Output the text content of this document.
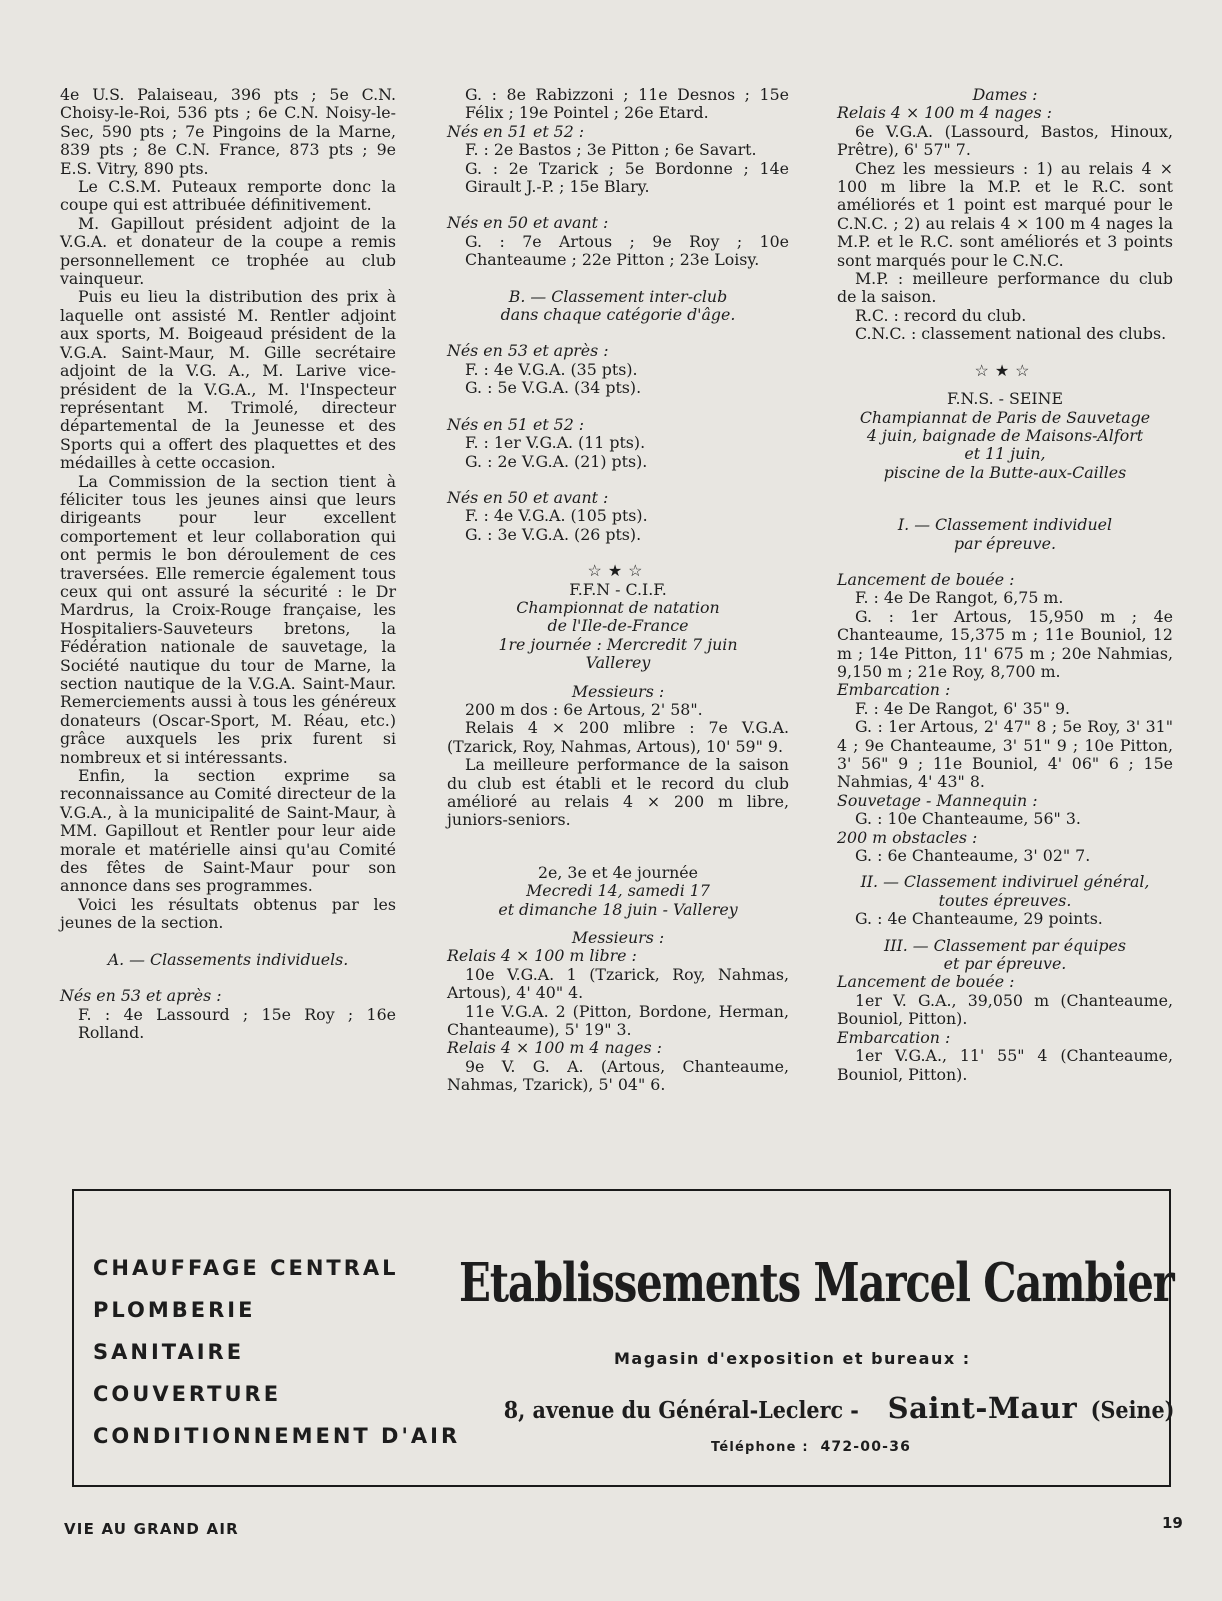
4e U.S. Palaiseau, 396 pts ; 5e C.N. Choisy-le-Roi, 536 pts ; 6e C.N. Noisy-le-Sec, 590 pts ; 7e Pingoins de la Marne, 839 pts ; 8e C.N. France, 873 pts ; 9e E.S. Vitry, 890 pts.

Le C.S.M. Puteaux remporte donc la coupe qui est attribuée définitivement.

M. Gapillout président adjoint de la V.G.A. et donateur de la coupe a remis personnellement ce trophée au club vainqueur.

Puis eu lieu la distribution des prix à laquelle ont assisté M. Rentler adjoint aux sports, M. Boigeaud président de la V.G.A. Saint-Maur, M. Gille secrétaire adjoint de la V.G. A., M. Larive vice-président de la V.G.A., M. l'Inspecteur représentant M. Trimolé, directeur départemental de la Jeunesse et des Sports qui a offert des plaquettes et des médailles à cette occasion.

La Commission de la section tient à féliciter tous les jeunes ainsi que leurs dirigeants pour leur excellent comportement et leur collaboration qui ont permis le bon déroulement de ces traversées. Elle remercie également tous ceux qui ont assuré la sécurité : le Dr Mardrus, la Croix-Rouge française, les Hospitaliers-Sauveteurs bretons, la Fédération nationale de sauvetage, la Société nautique du tour de Marne, la section nautique de la V.G.A. Saint-Maur. Remerciements aussi à tous les généreux donateurs (Oscar-Sport, M. Réau, etc.) grâce auxquels les prix furent si nombreux et si intéressants.

Enfin, la section exprime sa reconnaissance au Comité directeur de la V.G.A., à la municipalité de Saint-Maur, à MM. Gapillout et Rentler pour leur aide morale et matérielle ainsi qu'au Comité des fêtes de Saint-Maur pour son annonce dans ses programmes.

Voici les résultats obtenus par les jeunes de la section.

A. — Classements individuels.

Nés en 53 et après :

F. : 4e Lassourd ; 15e Roy ; 16e Rolland.

G. : 8e Rabizzoni ; 11e Desnos ; 15e Félix ; 19e Pointel ; 26e Etard.

Nés en 51 et 52 :

F. : 2e Bastos ; 3e Pitton ; 6e Savart.

G. : 2e Tzarick ; 5e Bordonne ; 14e Girault J.-P. ; 15e Blary.

Nés en 50 et avant :

G. : 7e Artous ; 9e Roy ; 10e Chanteaume ; 22e Pitton ; 23e Loisy.

B. — Classement inter-club

dans chaque catégorie d'âge.

Nés en 53 et après :

F. : 4e V.G.A. (35 pts).

G. : 5e V.G.A. (34 pts).

Nés en 51 et 52 :

F. : 1er V.G.A. (11 pts).

G. : 2e V.G.A. (21) pts).

Nés en 50 et avant :

F. : 4e V.G.A. (105 pts).

G. : 3e V.G.A. (26 pts).

☆★☆

F.F.N - C.I.F.

Championnat de natation

de l'Ile-de-France

1re journée : Mercredit 7 juin

Vallerey

Messieurs :

200 m dos : 6e Artous, 2' 58".

Relais 4 × 200 mlibre : 7e V.G.A. (Tzarick, Roy, Nahmas, Artous), 10' 59" 9.

La meilleure performance de la saison du club est établi et le record du club amélioré au relais 4 × 200 m libre, juniors-seniors.

2e, 3e et 4e journée

Mecredi 14, samedi 17

et dimanche 18 juin - Vallerey

Messieurs :

Relais 4 × 100 m libre :

10e V.G.A. 1 (Tzarick, Roy, Nahmas, Artous), 4' 40" 4.

11e V.G.A. 2 (Pitton, Bordone, Herman, Chanteaume), 5' 19" 3.

Relais 4 × 100 m 4 nages :

9e V. G. A. (Artous, Chanteaume, Nahmas, Tzarick), 5' 04" 6.

Dames :

Relais 4 × 100 m 4 nages :

6e V.G.A. (Lassourd, Bastos, Hinoux, Prêtre), 6' 57" 7.

Chez les messieurs : 1) au relais 4 × 100 m libre la M.P. et le R.C. sont améliorés et 1 point est marqué pour le C.N.C. ; 2) au relais 4 × 100 m 4 nages la M.P. et le R.C. sont améliorés et 3 points sont marqués pour le C.N.C.

M.P. : meilleure performance du club de la saison.

R.C. : record du club.

C.N.C. : classement national des clubs.

☆★☆

F.N.S. - SEINE

Champiannat de Paris de Sauvetage

4 juin, baignade de Maisons-Alfort

et 11 juin,

piscine de la Butte-aux-Cailles

I. — Classement individuel

par épreuve.

Lancement de bouée :

F. : 4e De Rangot, 6,75 m.

G. : 1er Artous, 15,950 m ; 4e Chanteaume, 15,375 m ; 11e Bouniol, 12 m ; 14e Pitton, 11' 675 m ; 20e Nahmias, 9,150 m ; 21e Roy, 8,700 m.

Embarcation :

F. : 4e De Rangot, 6' 35" 9.

G. : 1er Artous, 2' 47" 8 ; 5e Roy, 3' 31" 4 ; 9e Chanteaume, 3' 51" 9 ; 10e Pitton, 3' 56" 9 ; 11e Bouniol, 4' 06" 6 ; 15e Nahmias, 4' 43" 8.

Souvetage - Mannequin :

G. : 10e Chanteaume, 56" 3.

200 m obstacles :

G. : 6e Chanteaume, 3' 02" 7.

II. — Classement indiviruel général,

toutes épreuves.

G. : 4e Chanteaume, 29 points.

III. — Classement par équipes

et par épreuve.

Lancement de bouée :

1er V. G.A., 39,050 m (Chanteaume, Bouniol, Pitton).

Embarcation :

1er V.G.A., 11' 55" 4 (Chanteaume, Bouniol, Pitton).

CHAUFFAGE CENTRAL
PLOMBERIE
SANITAIRE
COUVERTURE
CONDITIONNEMENT D'AIR
Etablissements Marcel Cambier
Magasin d'exposition et bureaux :
8, avenue du Général-Leclerc - Saint-Maur (Seine)
Téléphone : 472-00-36
VIE AU GRAND AIR	19
